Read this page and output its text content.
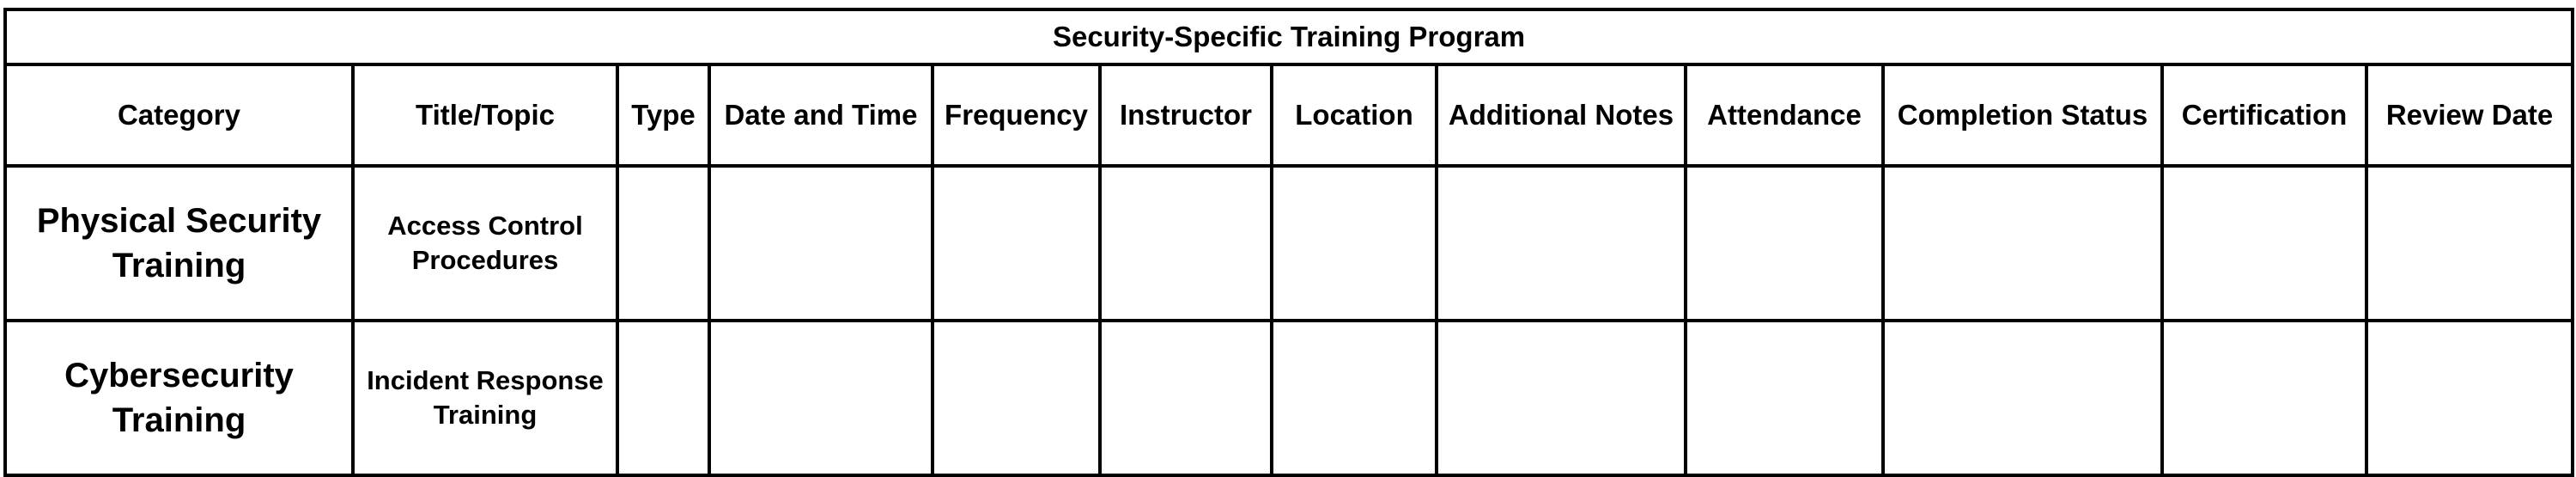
Security-Specific Training Program											
Category	Title/Topic	Type	Date and Time	Frequency	Instructor	Location	Additional Notes	Attendance	Completion Status	Certification	Review Date
Physical Security Training	Access Control Procedures										
Cybersecurity Training	Incident Response Training										
